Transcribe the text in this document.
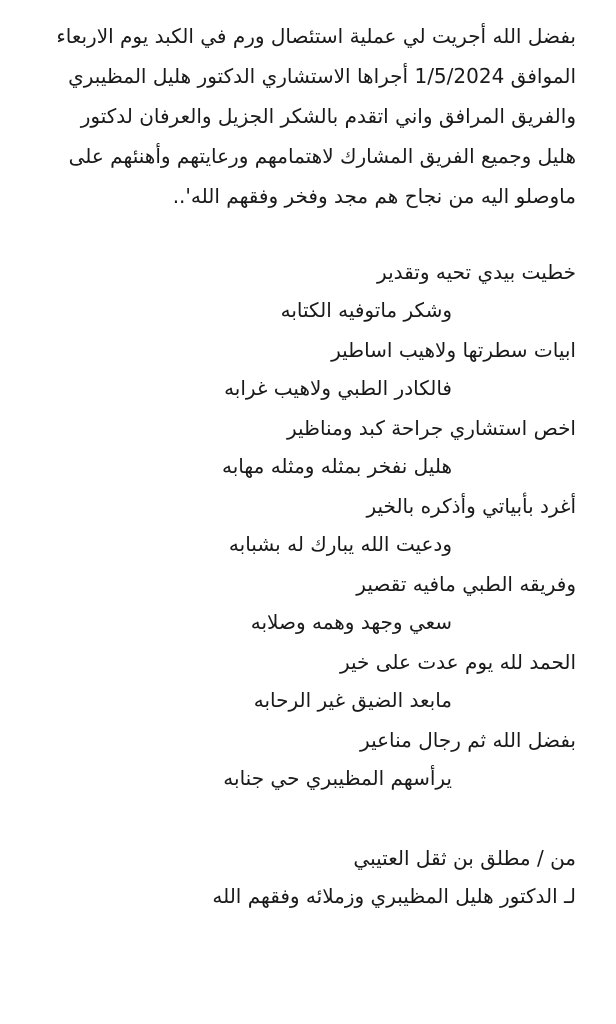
بفضل الله أجريت لي عملية استئصال ورم في الكبد يوم الاربعاء
الموافق 1/5/2024 أجراها الاستشاري الدكتور هليل المظيبري
والفريق المرافق واني اتقدم بالشكر الجزيل والعرفان لدكتور
هليل وجميع الفريق المشارك لاهتمامهم ورعايتهم وأهنئهم على
ماوصلو اليه من نجاح هم مجد وفخر وفقهم الله'..
خطيت بيدي تحيه وتقدير
وشكر ماتوفيه الكتابه
ابيات سطرتها ولاهيب اساطير
فالكادر الطبي ولاهيب غرابه
اخص استشاري جراحة كبد ومناظير
هليل نفخر بمثله ومثله مهابه
أغرد بأبياتي وأذكره بالخير
ودعيت الله يبارك له بشبابه
وفريقه الطبي مافيه تقصير
سعي وجهد وهمه وصلابه
الحمد لله يوم عدت على خير
مابعد الضيق غير الرحابه
بفضل الله ثم رجال مناعير
يرأسهم المظيبري حي جنابه
من / مطلق بن ثقل العتيبي
لـ الدكتور هليل المظيبري وزملائه وفقهم الله
